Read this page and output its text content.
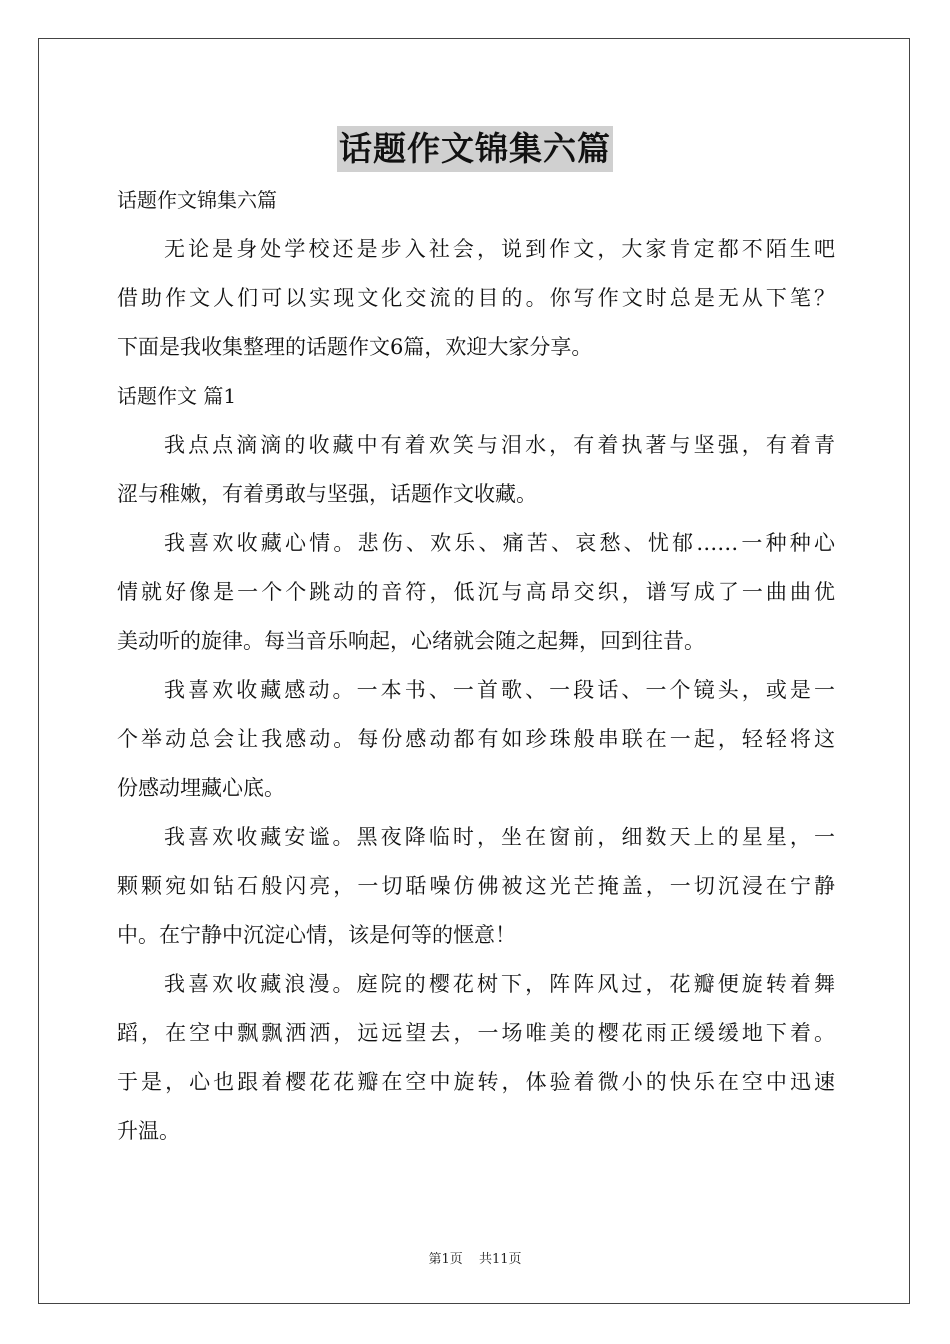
话题作文锦集六篇
话题作文锦集六篇
无论是身处学校还是步入社会，说到作文，大家肯定都不陌生吧
借助作文人们可以实现文化交流的目的。你写作文时总是无从下笔？
下面是我收集整理的话题作文6篇，欢迎大家分享。
话题作文 篇1
我点点滴滴的收藏中有着欢笑与泪水，有着执著与坚强，有着青
涩与稚嫩，有着勇敢与坚强，话题作文收藏。
我喜欢收藏心情。悲伤、欢乐、痛苦、哀愁、忧郁……一种种心
情就好像是一个个跳动的音符，低沉与高昂交织，谱写成了一曲曲优
美动听的旋律。每当音乐响起，心绪就会随之起舞，回到往昔。
我喜欢收藏感动。一本书、一首歌、一段话、一个镜头，或是一
个举动总会让我感动。每份感动都有如珍珠般串联在一起，轻轻将这
份感动埋藏心底。
我喜欢收藏安谧。黑夜降临时，坐在窗前，细数天上的星星，一
颗颗宛如钻石般闪亮，一切聒噪仿佛被这光芒掩盖，一切沉浸在宁静
中。在宁静中沉淀心情，该是何等的惬意！
我喜欢收藏浪漫。庭院的樱花树下，阵阵风过，花瓣便旋转着舞
蹈，在空中飘飘洒洒，远远望去，一场唯美的樱花雨正缓缓地下着。
于是，心也跟着樱花花瓣在空中旋转，体验着微小的快乐在空中迅速
升温。
第1页 共11页
